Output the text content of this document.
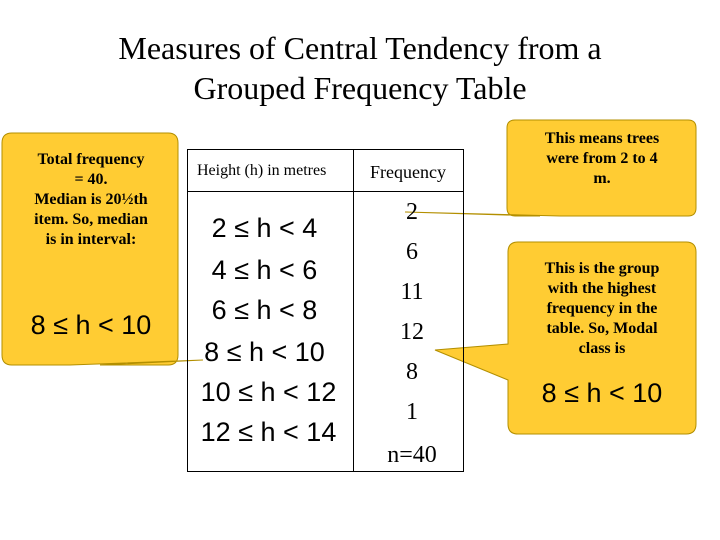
Measures of Central Tendency from a
Grouped Frequency Table
Height (h) in metres Frequency
2 ≤ h < 4
4 ≤ h < 6
6 ≤ h < 8
8 ≤ h < 10
10 ≤ h < 12
12 ≤ h < 14
2
6
11
12
8
1
n=40
Total frequency
= 40.
Median is 20½th
item. So, median
is in interval:
8 ≤ h < 10
This means trees
were from 2 to 4
m.
This is the group
with the highest
frequency in the
table. So, Modal
class is
8 ≤ h < 10
